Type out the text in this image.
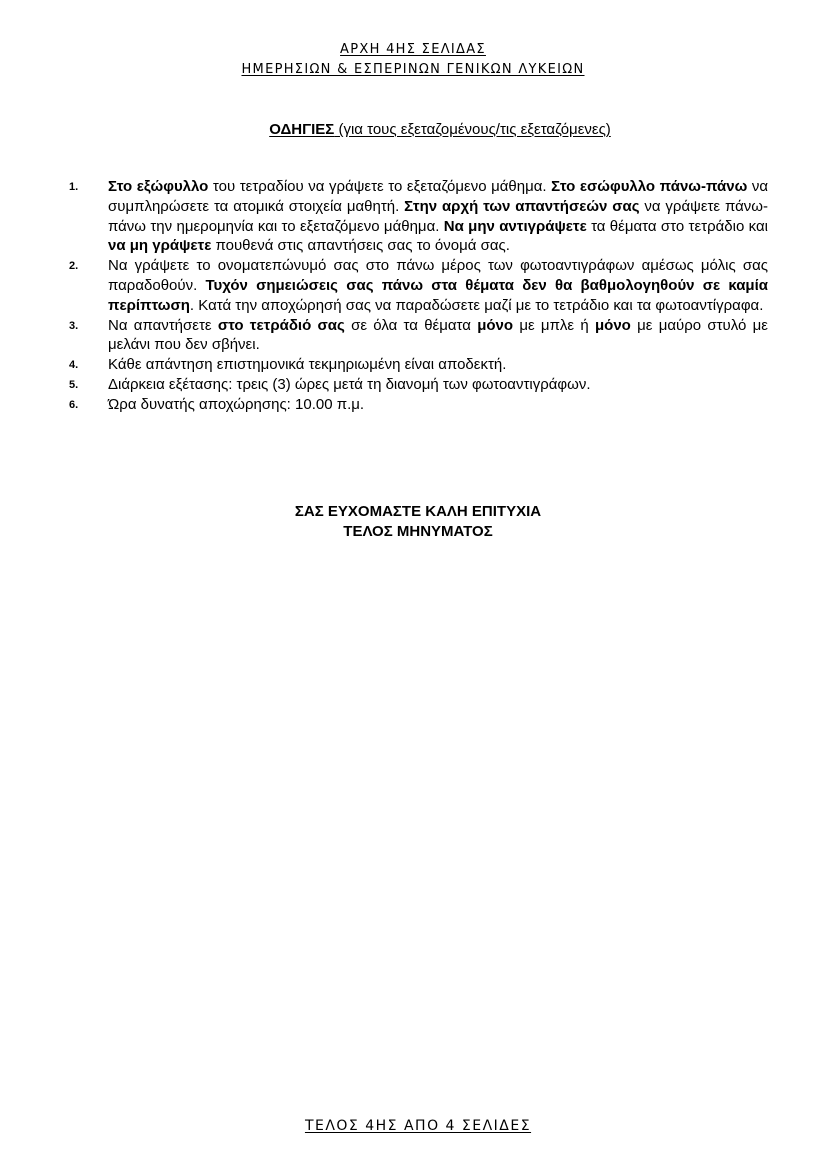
ΑΡΧΗ 4ΗΣ ΣΕΛΙΔΑΣ
ΗΜΕΡΗΣΙΩΝ & ΕΣΠΕΡΙΝΩΝ ΓΕΝΙΚΩΝ ΛΥΚΕΙΩΝ
ΟΔΗΓΙΕΣ (για τους εξεταζομένους/τις εξεταζόμενες)
1. Στο εξώφυλλο του τετραδίου να γράψετε το εξεταζόμενο μάθημα. Στο εσώφυλλο πάνω-πάνω να συμπληρώσετε τα ατομικά στοιχεία μαθητή. Στην αρχή των απαντήσεών σας να γράψετε πάνω-πάνω την ημερομηνία και το εξεταζόμενο μάθημα. Να μην αντιγράψετε τα θέματα στο τετράδιο και να μη γράψετε πουθενά στις απαντήσεις σας το όνομά σας.
2. Να γράψετε το ονοματεπώνυμό σας στο πάνω μέρος των φωτοαντιγράφων αμέσως μόλις σας παραδοθούν. Τυχόν σημειώσεις σας πάνω στα θέματα δεν θα βαθμολογηθούν σε καμία περίπτωση. Κατά την αποχώρησή σας να παραδώσετε μαζί με το τετράδιο και τα φωτοαντίγραφα.
3. Να απαντήσετε στο τετράδιό σας σε όλα τα θέματα μόνο με μπλε ή μόνο με μαύρο στυλό με μελάνι που δεν σβήνει.
4. Κάθε απάντηση επιστημονικά τεκμηριωμένη είναι αποδεκτή.
5. Διάρκεια εξέτασης: τρεις (3) ώρες μετά τη διανομή των φωτοαντιγράφων.
6. Ώρα δυνατής αποχώρησης: 10.00 π.μ.
ΣΑΣ ΕΥΧΟΜΑΣΤΕ ΚΑΛΗ ΕΠΙΤΥΧΙΑ
ΤΕΛΟΣ ΜΗΝΥΜΑΤΟΣ
ΤΕΛΟΣ 4ΗΣ ΑΠΟ 4 ΣΕΛΙΔΕΣ
